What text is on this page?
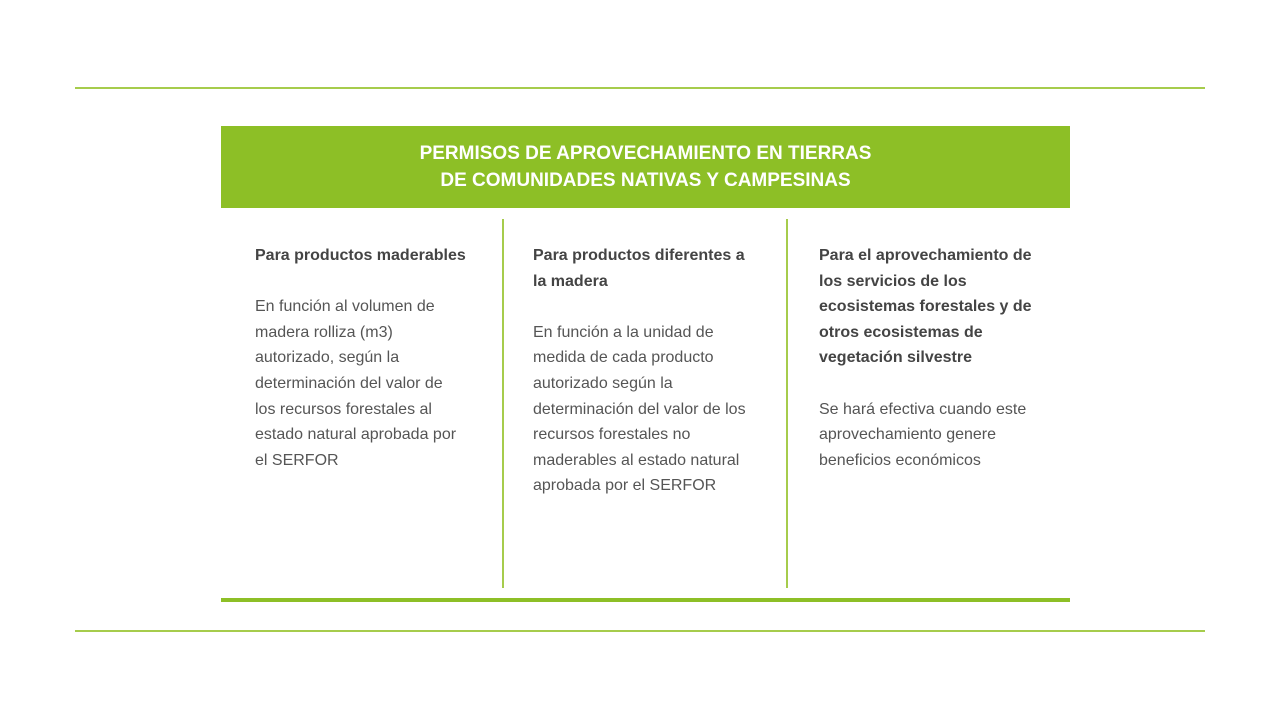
PERMISOS DE APROVECHAMIENTO EN TIERRAS
DE COMUNIDADES NATIVAS Y CAMPESINAS

Para productos maderables

En función al volumen de madera rolliza (m3) autorizado, según la determinación del valor de los recursos forestales al estado natural aprobada por el SERFOR

Para productos diferentes a la madera

En función a la unidad de medida de cada producto autorizado según la determinación del valor de los recursos forestales no maderables al estado natural aprobada por el SERFOR

Para el aprovechamiento de los servicios de los ecosistemas forestales y de otros ecosistemas de vegetación silvestre

Se hará efectiva cuando este aprovechamiento genere beneficios económicos
